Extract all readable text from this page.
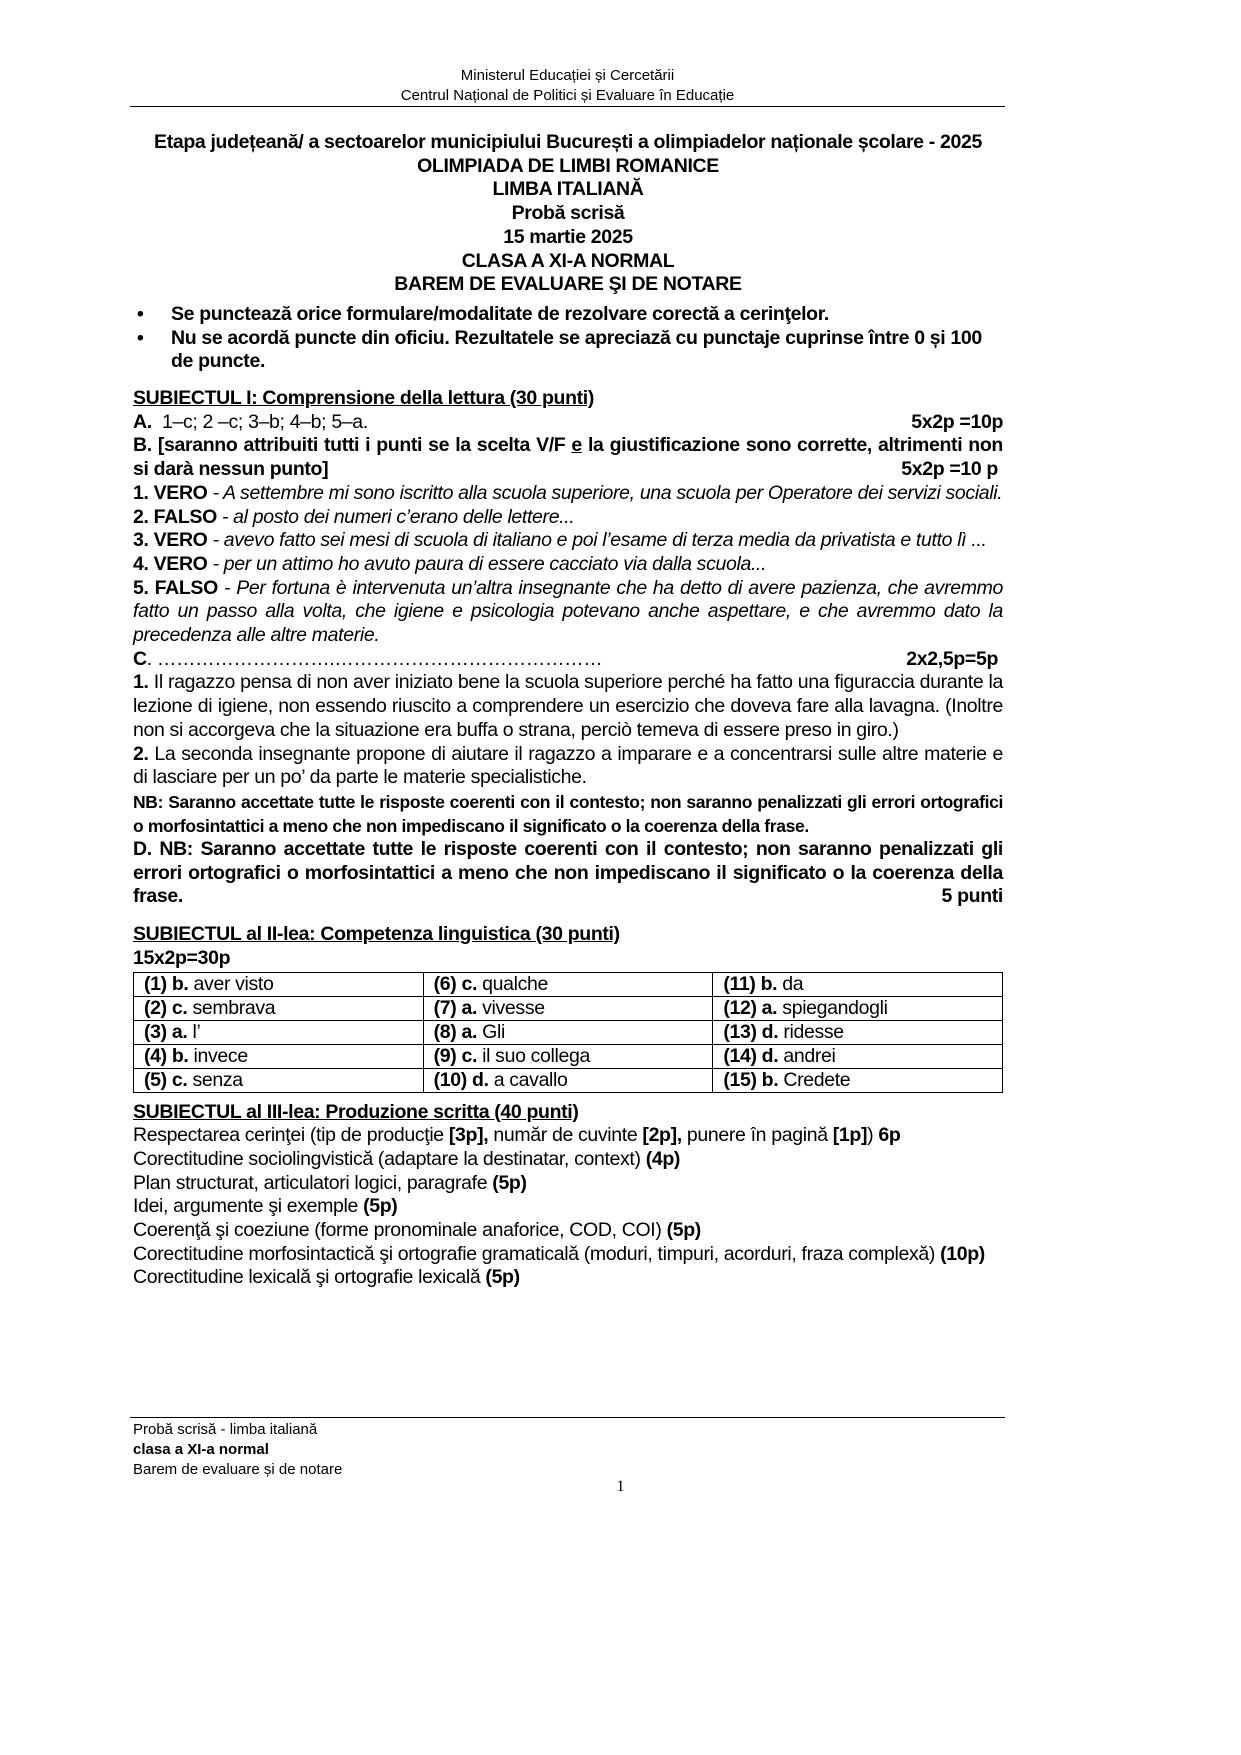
Ministerul Educației și Cercetării
Centrul Național de Politici și Evaluare în Educație
Etapa județeană/ a sectoarelor municipiului București a olimpiadelor naționale școlare - 2025
OLIMPIADA DE LIMBI ROMANICE
LIMBA ITALIANĂ
Probă scrisă
15 martie 2025
CLASA A XI-A NORMAL
BAREM DE EVALUARE ŞI DE NOTARE
• Se punctează orice formulare/modalitate de rezolvare corectă a cerinţelor.
• Nu se acordă puncte din oficiu. Rezultatele se apreciază cu punctaje cuprinse între 0 și 100 de puncte.
SUBIECTUL I: Comprensione della lettura (30 punti)
A. 1–c; 2 –c; 3–b; 4–b; 5–a.	5x2p =10p
B. [saranno attribuiti tutti i punti se la scelta V/F e la giustificazione sono corrette, altrimenti non si darà nessun punto]	5x2p =10 p
1. VERO - A settembre mi sono iscritto alla scuola superiore, una scuola per Operatore dei servizi sociali.
2. FALSO - al posto dei numeri c’erano delle lettere...
3. VERO - avevo fatto sei mesi di scuola di italiano e poi l’esame di terza media da privatista e tutto lì ...
4. VERO - per un attimo ho avuto paura di essere cacciato via dalla scuola...
5. FALSO - Per fortuna è intervenuta un’altra insegnante che ha detto di avere pazienza, che avremmo fatto un passo alla volta, che igiene e psicologia potevano anche aspettare, e che avremmo dato la precedenza alle altre materie.
C. ……………………….……………………………………	2x2,5p=5p
1. Il ragazzo pensa di non aver iniziato bene la scuola superiore perché ha fatto una figuraccia durante la lezione di igiene, non essendo riuscito a comprendere un esercizio che doveva fare alla lavagna. (Inoltre non si accorgeva che la situazione era buffa o strana, perciò temeva di essere preso in giro.)
2. La seconda insegnante propone di aiutare il ragazzo a imparare e a concentrarsi sulle altre materie e di lasciare per un po’ da parte le materie specialistiche.
NB: Saranno accettate tutte le risposte coerenti con il contesto; non saranno penalizzati gli errori ortografici o morfosintattici a meno che non impediscano il significato o la coerenza della frase.
D. NB: Saranno accettate tutte le risposte coerenti con il contesto; non saranno penalizzati gli errori ortografici o morfosintattici a meno che non impediscano il significato o la coerenza della frase.	5 punti
SUBIECTUL al II-lea: Competenza linguistica (30 punti)
15x2p=30p
(1) b. aver visto	(6) c. qualche	(11) b. da
(2) c. sembrava	(7) a. vivesse	(12) a. spiegandogli
(3) a. l’	(8) a. Gli	(13) d. ridesse
(4) b. invece	(9) c. il suo collega	(14) d. andrei
(5) c. senza	(10) d. a cavallo	(15) b. Credete
SUBIECTUL al III-lea: Produzione scritta (40 punti)
Respectarea cerinţei (tip de producţie [3p], număr de cuvinte [2p], punere în pagină [1p]) 6p
Corectitudine sociolingvistică (adaptare la destinatar, context) (4p)
Plan structurat, articulatori logici, paragrafe (5p)
Idei, argumente şi exemple (5p)
Coerenţă şi coeziune (forme pronominale anaforice, COD, COI) (5p)
Corectitudine morfosintactică şi ortografie gramaticală (moduri, timpuri, acorduri, fraza complexă) (10p)
Corectitudine lexicală şi ortografie lexicală (5p)
Probă scrisă - limba italiană
clasa a XI-a normal
Barem de evaluare și de notare
1
